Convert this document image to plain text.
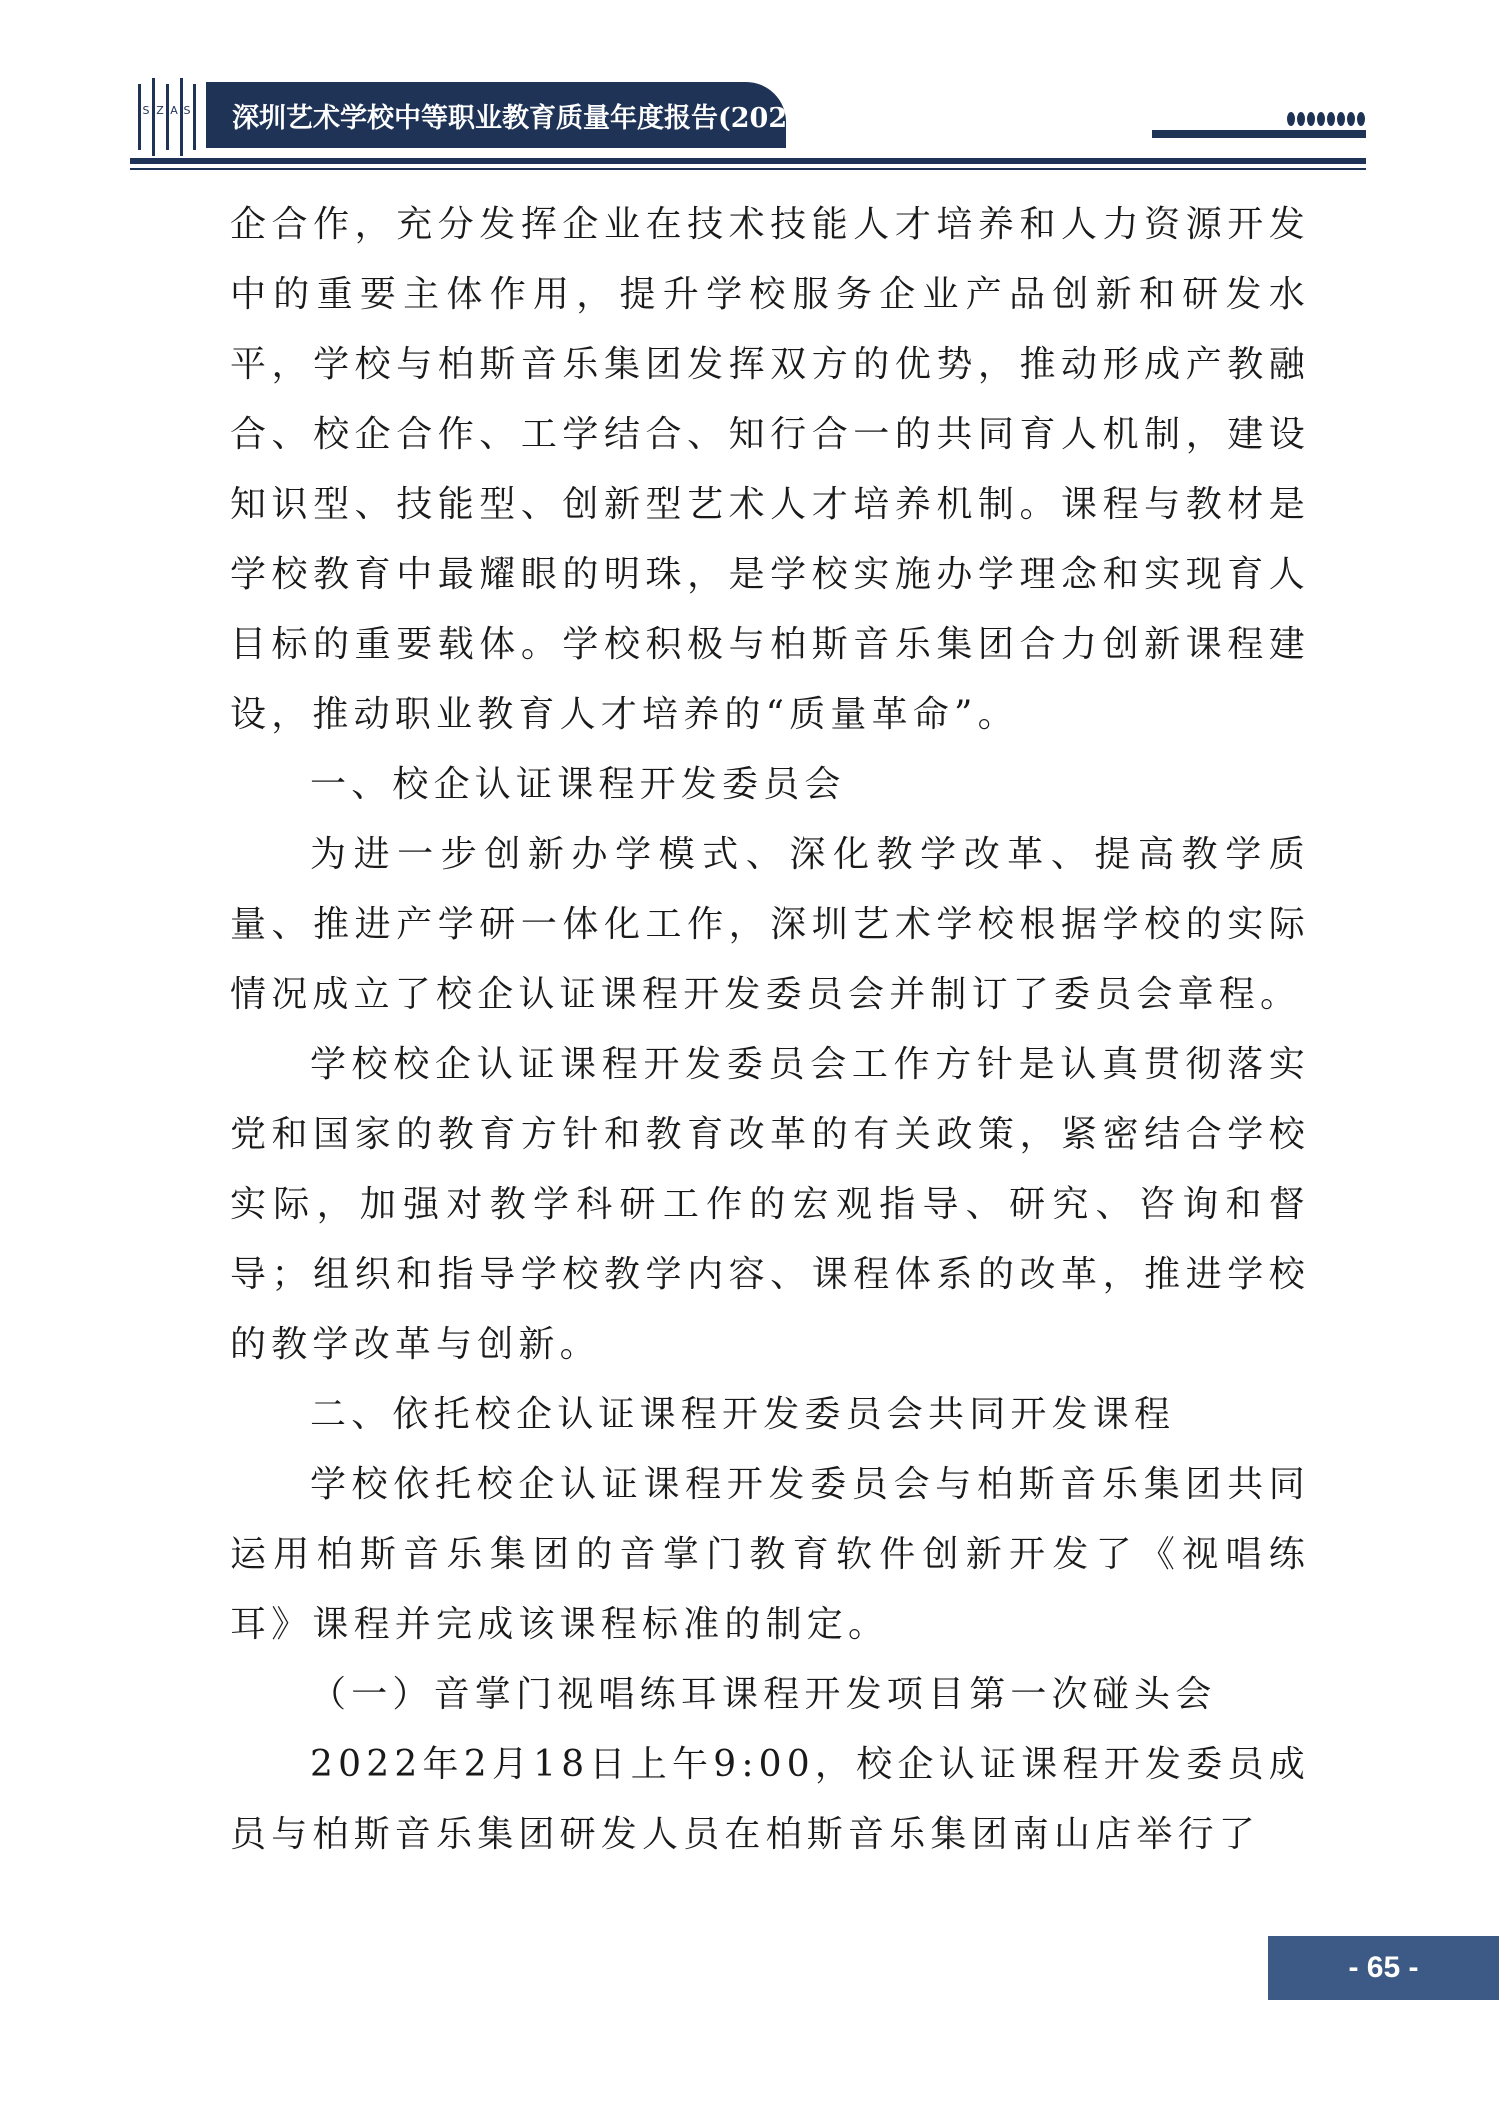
S Z A S 深圳艺术学校中等职业教育质量年度报告(2023)

企合作，充分发挥企业在技术技能人才培养和人力资源开发中的重要主体作用，提升学校服务企业产品创新和研发水平，学校与柏斯音乐集团发挥双方的优势，推动形成产教融合、校企合作、工学结合、知行合一的共同育人机制，建设知识型、技能型、创新型艺术人才培养机制。课程与教材是学校教育中最耀眼的明珠，是学校实施办学理念和实现育人目标的重要载体。学校积极与柏斯音乐集团合力创新课程建设，推动职业教育人才培养的“质量革命”。

一、校企认证课程开发委员会

为进一步创新办学模式、深化教学改革、提高教学质量、推进产学研一体化工作，深圳艺术学校根据学校的实际情况成立了校企认证课程开发委员会并制订了委员会章程。

学校校企认证课程开发委员会工作方针是认真贯彻落实党和国家的教育方针和教育改革的有关政策，紧密结合学校实际，加强对教学科研工作的宏观指导、研究、咨询和督导；组织和指导学校教学内容、课程体系的改革，推进学校的教学改革与创新。

二、依托校企认证课程开发委员会共同开发课程

学校依托校企认证课程开发委员会与柏斯音乐集团共同运用柏斯音乐集团的音掌门教育软件创新开发了《视唱练耳》课程并完成该课程标准的制定。

（一）音掌门视唱练耳课程开发项目第一次碰头会

2022年2月18日上午9:00，校企认证课程开发委员成员与柏斯音乐集团研发人员在柏斯音乐集团南山店举行了

- 65 -
